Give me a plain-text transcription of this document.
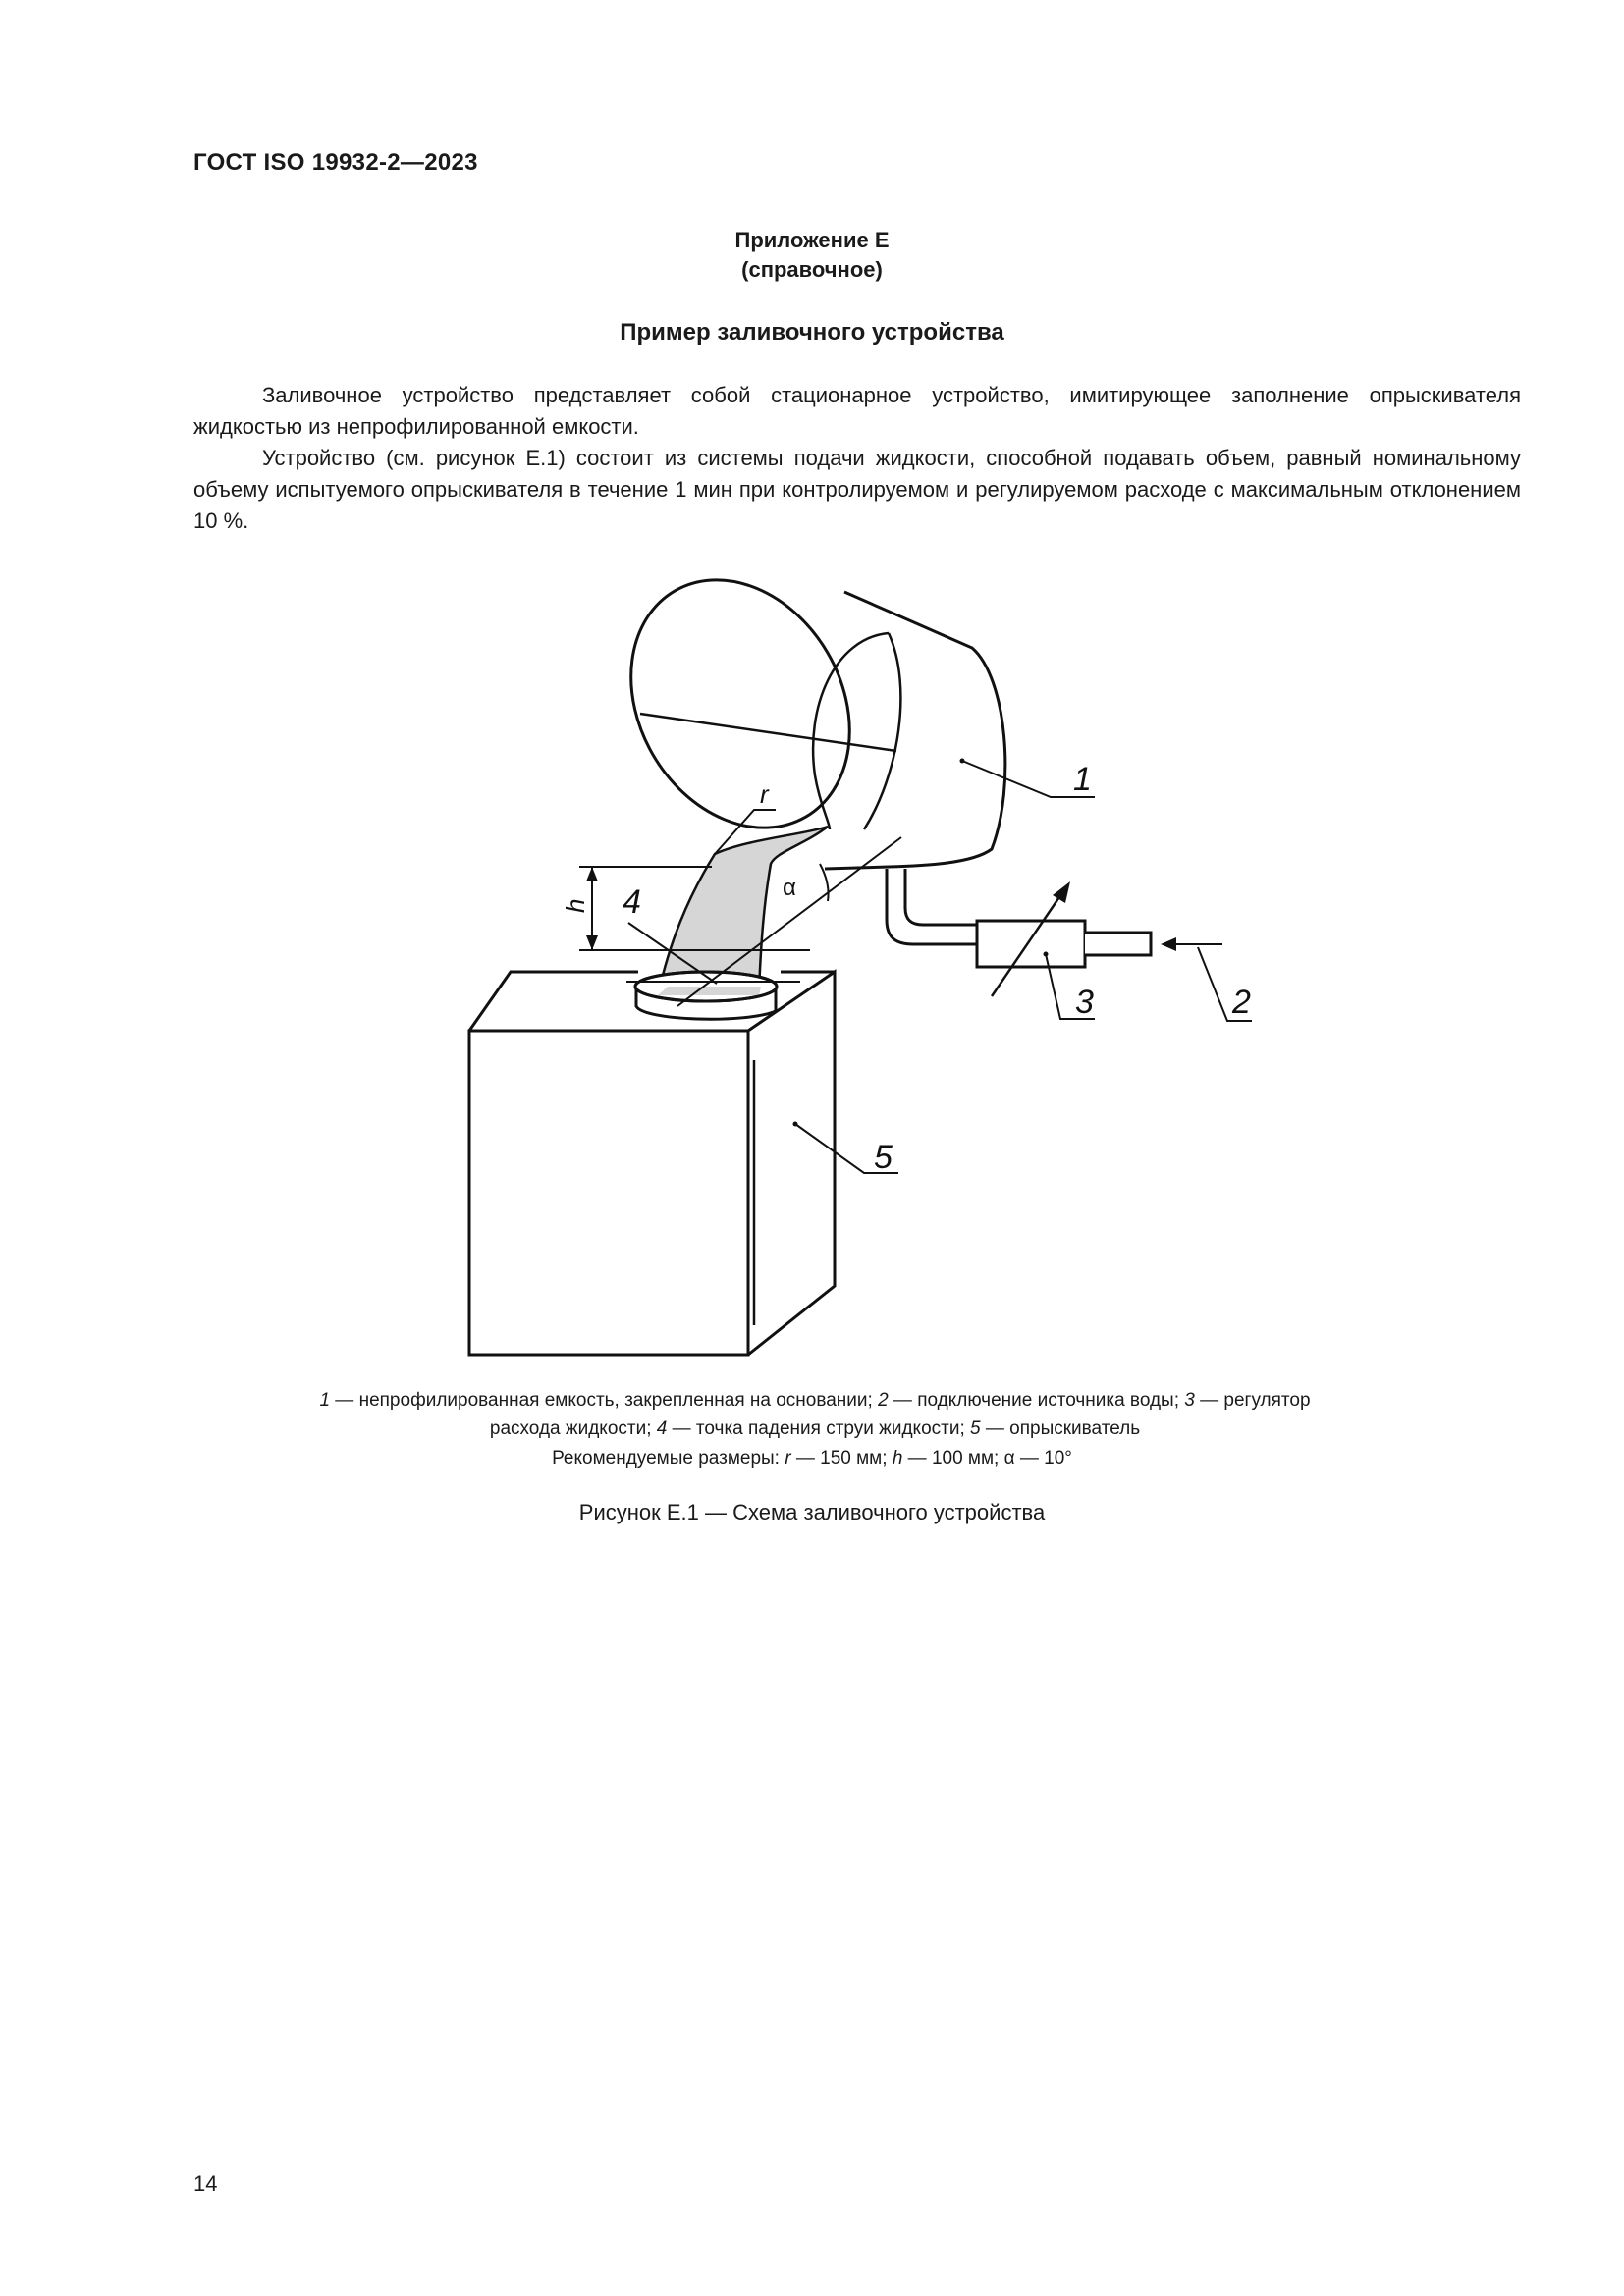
ГОСТ ISO 19932-2—2023
Приложение Е
(справочное)
Пример заливочного устройства

Заливочное устройство представляет собой стационарное устройство, имитирующее заполнение опрыскивателя жидкостью из непрофилированной емкости.

Устройство (см. рисунок Е.1) состоит из системы подачи жидкости, способной подавать объем, равный номинальному объему испытуемого опрыскивателя в течение 1 мин при контролируемом и регулируемом расходе с максимальным отклонением 10 %.

1
2
3
4
5
r
h
α
1 — непрофилированная емкость, закрепленная на основании; 2 — подключение источника воды; 3 — регулятор
расхода жидкости; 4 — точка падения струи жидкости; 5 — опрыскиватель
Рекомендуемые размеры: r — 150 мм; h — 100 мм; α — 10°
Рисунок Е.1 — Схема заливочного устройства
14
